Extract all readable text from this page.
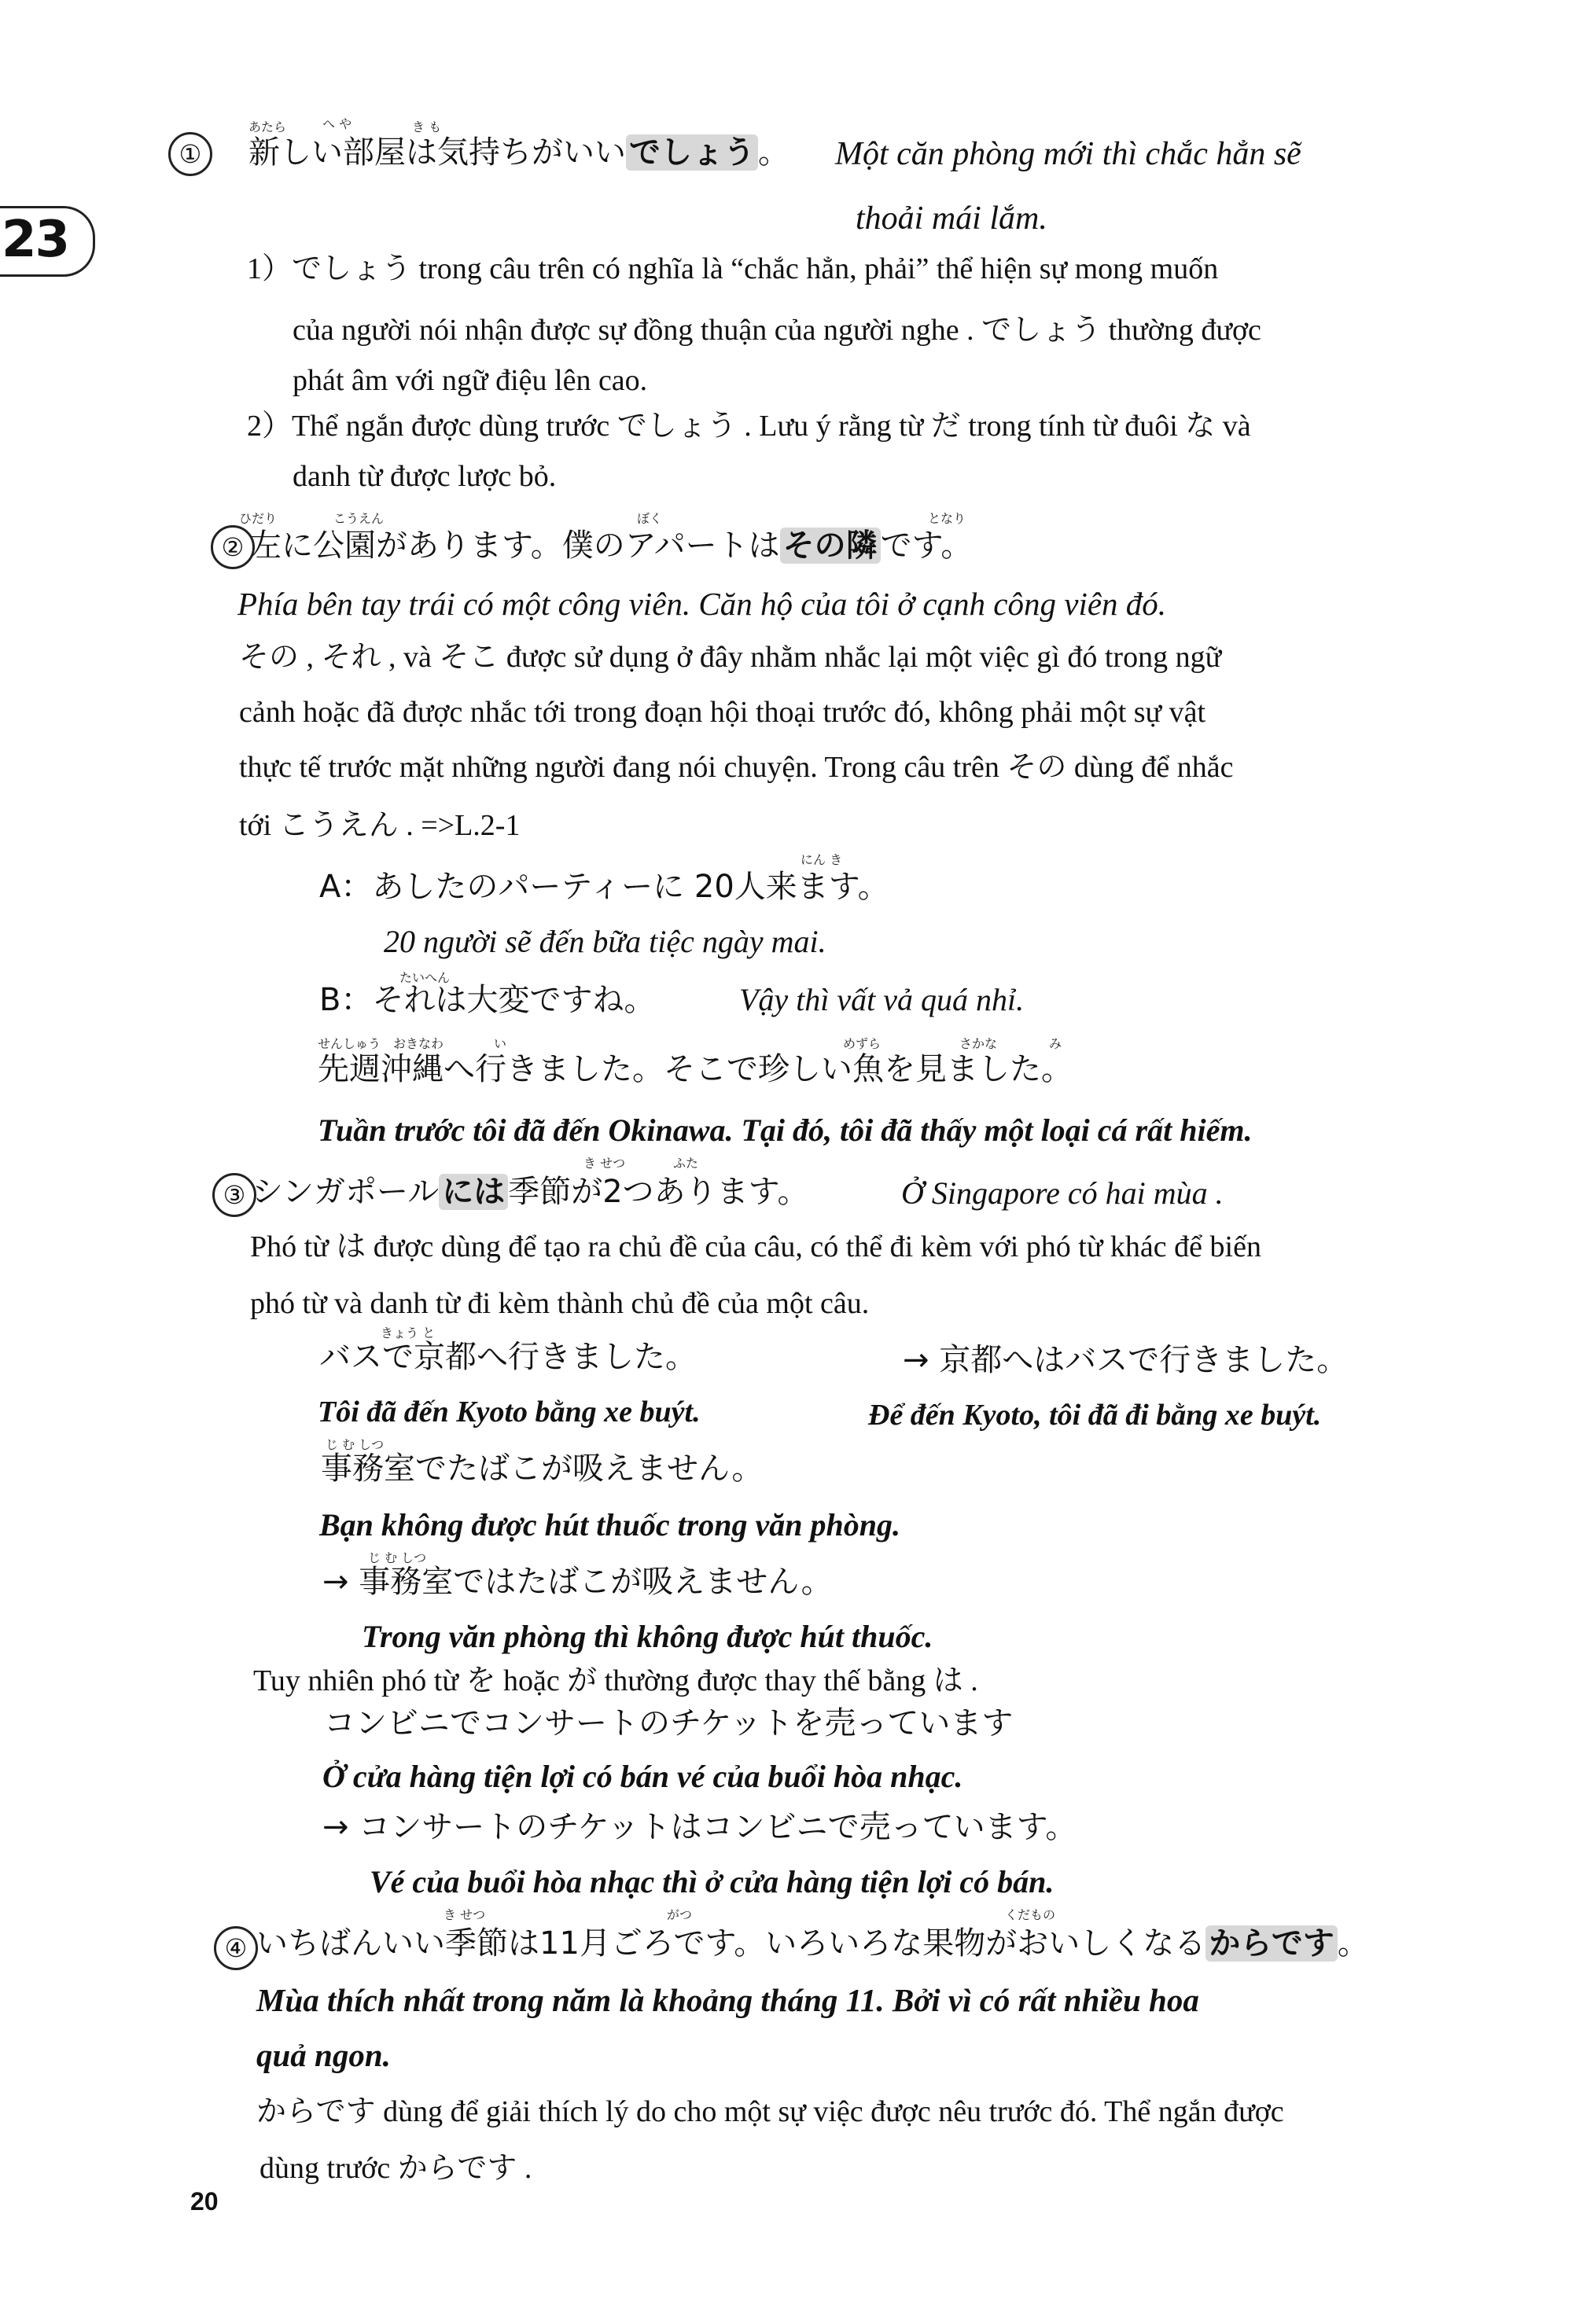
23
①
あたら	へ や	き も
新しい部屋は気持ちがいい でしょう 。 Một căn phòng mới thì chắc hẳn sẽ
thoải mái lắm.
1）でしょう trong câu trên có nghĩa là “chắc hẳn, phải” thể hiện sự mong muốn
của người nói nhận được sự đồng thuận của người nghe . でしょう thường được
phát âm với ngữ điệu lên cao.
2）Thể ngắn được dùng trước でしょう . Lưu ý rằng từ だ trong tính từ đuôi な và
danh từ được lược bỏ.
②
ひだり	こうえん	ぼく	となり
左に公園があります。僕のアパートは その隣 です。
Phía bên tay trái có một công viên. Căn hộ của tôi ở cạnh công viên đó.
その , それ , và そこ được sử dụng ở đây nhằm nhắc lại một việc gì đó trong ngữ
cảnh hoặc đã được nhắc tới trong đoạn hội thoại trước đó, không phải một sự vật
thực tế trước mặt những người đang nói chuyện. Trong câu trên その dùng để nhắc
tới こうえん . =>L.2-1
にん き
A：あしたのパーティーに 20人来ます。
20 người sẽ đến bữa tiệc ngày mai.
たいへん
B：それは大変ですね。	Vậy thì vất vả quá nhỉ.
せんしゅう おきなわ	い	めずら	さかな	み
先週沖縄へ行きました。そこで珍しい魚を見ました。
Tuần trước tôi đã đến Okinawa. Tại đó, tôi đã thấy một loại cá rất hiếm.
③
き せつ	ふた
シンガポール には 季節が2つあります。	Ở Singapore có hai mùa .
Phó từ は được dùng để tạo ra chủ đề của câu, có thể đi kèm với phó từ khác để biến
phó từ và danh từ đi kèm thành chủ đề của một câu.
きょう と
バスで京都へ行きました。	→ 京都へはバスで行きました。
Tôi đã đến Kyoto bằng xe buýt.	Để đến Kyoto, tôi đã đi bằng xe buýt.
じ む しつ
事務室でたばこが吸えません。
Bạn không được hút thuốc trong văn phòng.
じ む しつ
→ 事務室ではたばこが吸えません。
Trong văn phòng thì không được hút thuốc.
Tuy nhiên phó từ を hoặc が thường được thay thế bằng は .
コンビニでコンサートのチケットを売っています
Ở cửa hàng tiện lợi có bán vé của buổi hòa nhạc.
→ コンサートのチケットはコンビニで売っています。
Vé của buổi hòa nhạc thì ở cửa hàng tiện lợi có bán.
④
き せつ	がつ	くだもの
いちばんいい季節は11月ごろです。いろいろな果物がおいしくなる からです 。
Mùa thích nhất trong năm là khoảng tháng 11. Bởi vì có rất nhiều hoa
quả ngon.
からです dùng để giải thích lý do cho một sự việc được nêu trước đó. Thể ngắn được
dùng trước からです .
20
